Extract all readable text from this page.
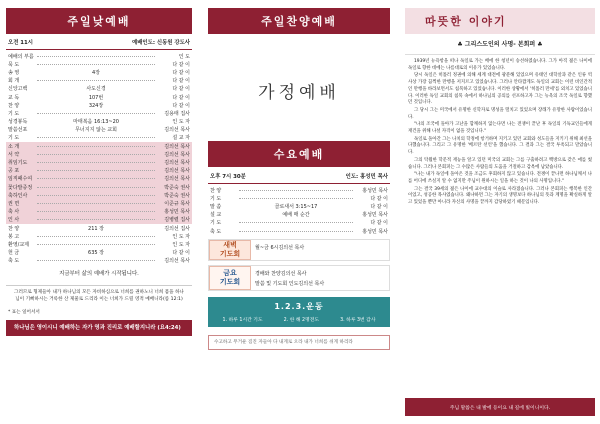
주일낮예배
오전 11시	예배인도: 신동원 강도사
예배의 부름	인 도
묵 도	다 같 이
송 영	4장	다 같 이
회 개	다 같 이
신앙고백	사도신경	다 같 이
교 독	107번	다 같 이
찬 양	324장	다 같 이
기 도	김용태 집사
성경봉독	마태복음 16:13~20	인 도 자
말씀선포	무너지지 않는 교회	김의선 목사
기 도	설 교 자
소 개	김의선 목사
서 약	김의선 목사
취임기도	김의선 목사
공 포	김의선 목사
임직패수여	김의선 목사
꽃다발증정	박준숙 권사
축하인사	박준숙 권사
권 면	이준규 목사
축 사	홍성민 목사
인 사	김병렬 집사
찬 양	211 장	김의선 집사
봉 고	인 도 자
환영/교제	인 도 자
헌 금	635 장	다 같 이
축 도	김의선 목사
지금부터 삶의 예배가 시작됩니다.
그러므로 형제들아 내가 하나님의 모든 자비하심으로 너희를 권하노니 너희 몸을 하나님이 기뻐하시는 거룩한 산 제물로 드리라 이는 너희가 드릴 영적 예배니라(롬 12:1)
* 표는 일어서서
하나님은 영이시니 예배하는 자가 영과 진리로 예배할지니라 (요4:24)
주일찬양예배
가정예배
수요예배
오후 7시 30분	인도: 홍성민 목사
찬 양	홍성민 목사
기 도	다 같 이
말 씀	골로새서 3:15~17	다 같 이
설 교	예배 매 순간	홍성민 목사
기 도	다 같 이
축 도	홍성민 목사
새벽
기도회
월~금 6시 김의선 목사
금요
기도회
경배와 찬양 김의선 목사
말씀 및 기도회 인도 김의선 목사
1.2.3.운동
1. 하루 1시간 기도	2. 한 해 2명전도	3. 하루 3번 감사
수고하고 무거운 짐진 자들아 다 내게로 오라 내가 너희를 쉬게 하리라
따뜻한 이야기
♣ 그리스도인의 사명- 본회퍼 ♣

1939년 뉴욕항을 떠나 독일로 가는 배에 한 청년이 승선하였습니다. 그가 아직 젊은 나이에 독일로 향한 데에는 나름대로의 이유가 있었습니다.

당시 독일은 히틀러 정권에 의해 세계 대전에 광분해 있었으며 유태인 대학살과 같은 인류 역사상 가장 끔찍한 만행을 저지르고 있었습니다. 그러나 안타깝게도 독일의 교회는 이런 비인간적인 만행을 바라보면서도 침묵하고 있었습니다. 이러한 상황에서 '히틀러 만세'를 외치고 있었습니다. 이러한 독일 교회의 침묵 속에서 하나님의 공의를 선포하고자 그는 뉴욕의 조국 독일로 향했던 것입니다.

그 당시 그는 미국에서 유명한 신학자로 명성을 떨치고 있었으며 장래가 유망한 사람이었습니다.

"나의 조국에 돌아가 고난을 함께하지 않는다면 나는 전쟁이 끝난 후 독일의 기독교인들에게 재건을 위해 나설 자격이 없을 것입니다."

독일로 돌아간 그는 나치의 학정에 항거하며 지키고 있던 교회와 성도들을 지키기 위해 최선을 다했습니다. 그리고 그 유명한 '베르탄 선언'을 했습니다. 그 결과 그는 결국 투옥되고 말았습니다.

그의 탁월한 학문적 재능을 알고 있던 미국의 교회는 그를 구출하려고 백방으로 갖은 애를 썼습니다. 그러나 본회퍼는 그 수많은 사람들의 도움을 거절하고 감옥에 남았습니다.

"나는 내가 독일에 돌아온 것을 조금도 후회하지 않고 있습니다. 전쟁이 끝나면 하나님께서 나를 어디에 쓰실지 알 수 없지만 주님이 원하시는 일을 하는 것이 나의 사명입니다."

그는 결국 39세의 젊은 나이에 교수대의 이슬로 사라졌습니다. 그러나 본회퍼는 행복한 인간이었고, 성공한 목사였습니다. 왜냐하면 그는 자기의 생명보다 하나님의 뜻과 계명을 확실하게 알고 있었을 뿐만 아니라 자신의 사명을 끝까지 감당하였기 때문입니다.

주님 말씀은 내 발에 등이요 내 길에 빛이니이다.
